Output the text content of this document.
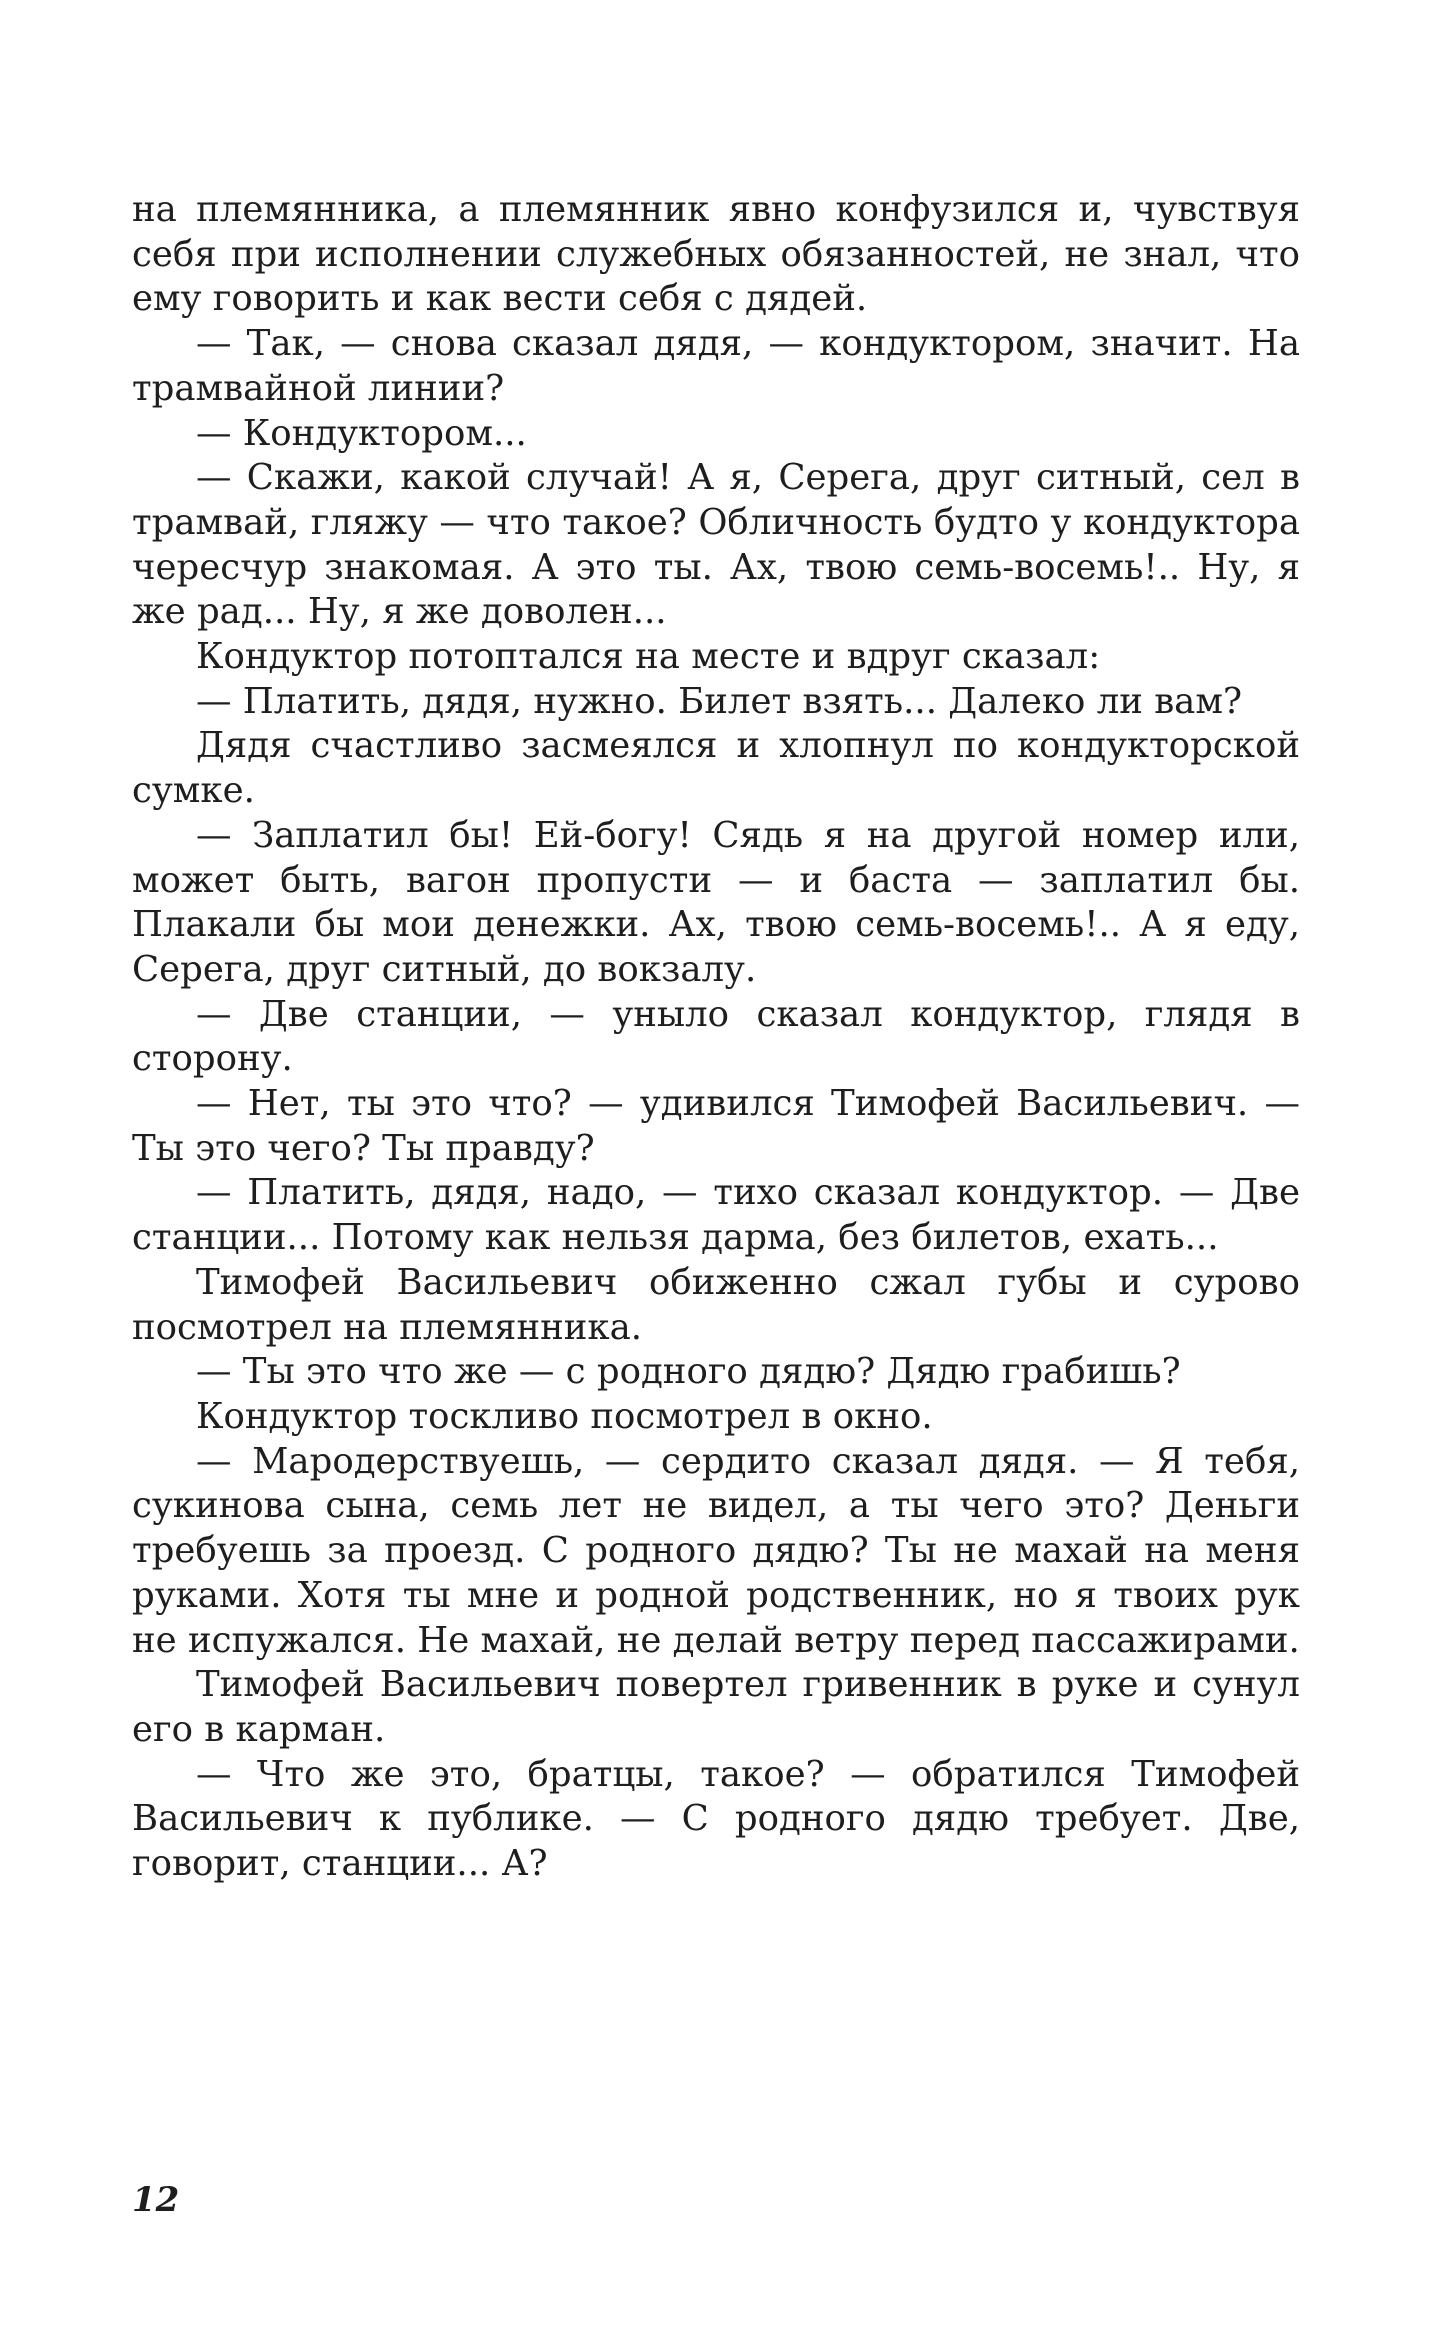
на племянника, а племянник явно конфузился и, чувствуя себя при исполнении служебных обязанностей, не знал, что ему говорить и как вести себя с дядей.

— Так, — снова сказал дядя, — кондуктором, значит. На трамвайной линии?

— Кондуктором...

— Скажи, какой случай! А я, Серега, друг ситный, сел в трамвай, гляжу — что такое? Обличность будто у кондуктора чересчур знакомая. А это ты. Ах, твою семь-восемь!.. Ну, я же рад... Ну, я же доволен...

Кондуктор потоптался на месте и вдруг сказал:

— Платить, дядя, нужно. Билет взять... Далеко ли вам?

Дядя счастливо засмеялся и хлопнул по кондукторской сумке.

— Заплатил бы! Ей-богу! Сядь я на другой номер или, может быть, вагон пропусти — и баста — заплатил бы. Плакали бы мои денежки. Ах, твою семь-восемь!.. А я еду, Серега, друг ситный, до вокзалу.

— Две станции, — уныло сказал кондуктор, глядя в сторону.

— Нет, ты это что? — удивился Тимофей Васильевич. — Ты это чего? Ты правду?

— Платить, дядя, надо, — тихо сказал кондуктор. — Две станции... Потому как нельзя дарма, без билетов, ехать...

Тимофей Васильевич обиженно сжал губы и сурово посмотрел на племянника.

— Ты это что же — с родного дядю? Дядю грабишь?

Кондуктор тоскливо посмотрел в окно.

— Мародерствуешь, — сердито сказал дядя. — Я тебя, сукинова сына, семь лет не видел, а ты чего это? Деньги требуешь за проезд. С родного дядю? Ты не махай на меня руками. Хотя ты мне и родной родственник, но я твоих рук не испужался. Не махай, не делай ветру перед пассажирами.

Тимофей Васильевич повертел гривенник в руке и сунул его в карман.

— Что же это, братцы, такое? — обратился Тимофей Васильевич к публике. — С родного дядю требует. Две, говорит, станции... А?

12
